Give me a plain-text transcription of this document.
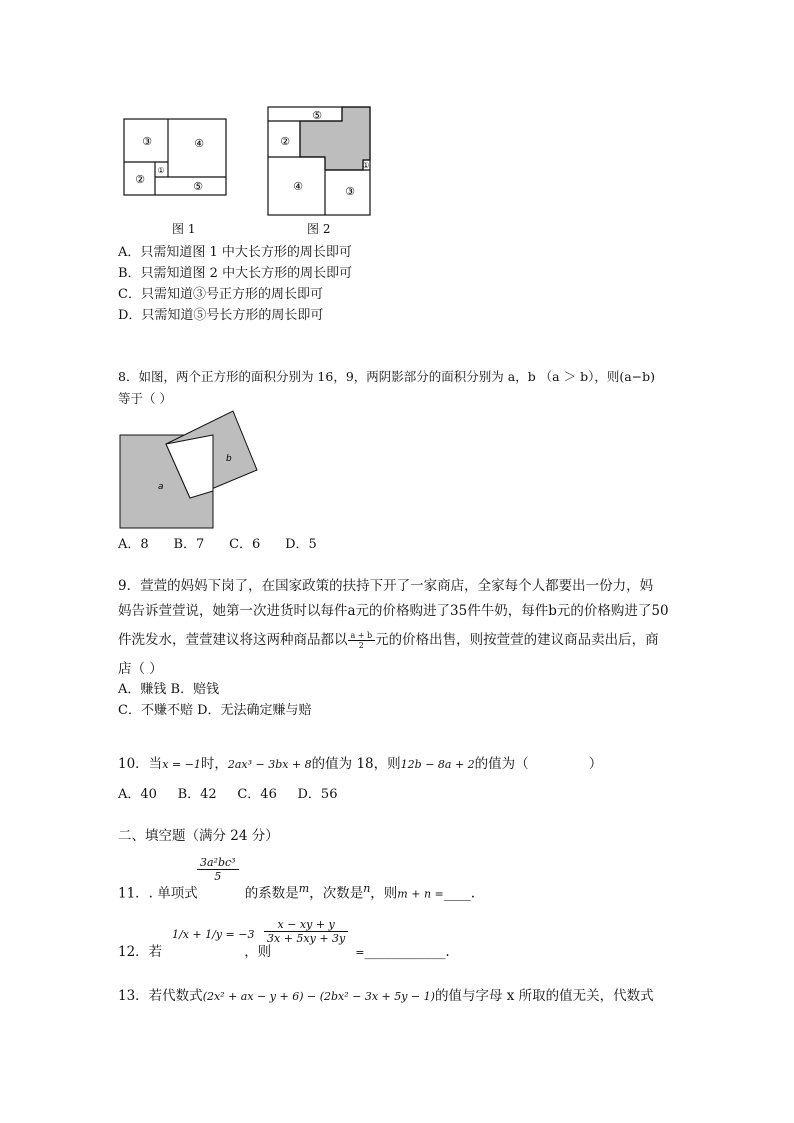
③	④
②
①
⑤
图 1
⑤
②
①
④	③
图 2
A．只需知道图 1 中大长方形的周长即可
B．只需知道图 2 中大长方形的周长即可
C．只需知道③号正方形的周长即可
D．只需知道⑤号长方形的周长即可
8．如图，两个正方形的面积分别为 16，9，两阴影部分的面积分别为 a，b （a ＞ b），则(a−b)
等于（ ）
a
b
A．8      B．7      C．6      D．5
9．萱萱的妈妈下岗了，在国家政策的扶持下开了一家商店，全家每个人都要出一份力，妈
妈告诉萱萱说，她第一次进货时以每件a元的价格购进了35件牛奶，每件b元的价格购进了50
件洗发水，萱萱建议将这两种商品都以 $\frac{a + b}{2}$ 元的价格出售，则按萱萱的建议商品卖出后，商
店（ ）
A．赚钱 B．赔钱
C．不赚不赔 D．无法确定赚与赔
10．当x = −1时，2ax³ − 3bx + 8的值为 18，则12b − 8a + 2的值为（              ）
A．40     B．42     C．46     D．56
二、填空题（满分 24 分）
$\frac{\text{3a²bc³}}{5}$
11．. 单项式	的系数是$^m$，次数是$^n$，则m + n =____.
$1/x + 1/y = -3 \frac{x - xy + y}{3x + 5xy + 3y}$
12．若	，则	=____________.
13．若代数式(2x² + ax − y + 6) − (2bx² − 3x + 5y − 1)的值与字母 x 所取的值无关，代数式
